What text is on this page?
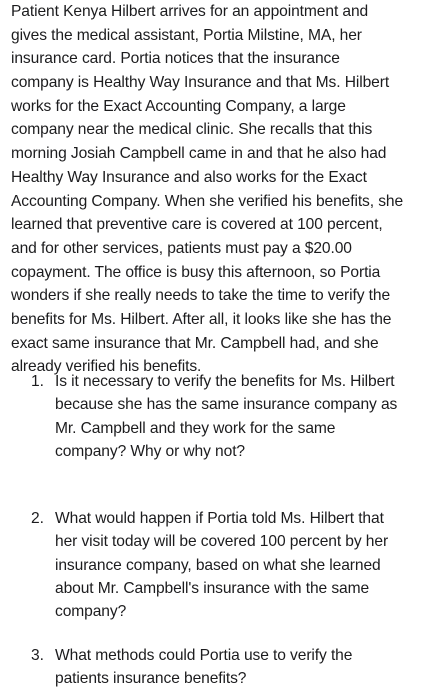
Patient Kenya Hilbert arrives for an appointment and
gives the medical assistant, Portia Milstine, MA, her
insurance card. Portia notices that the insurance
company is Healthy Way Insurance and that Ms. Hilbert
works for the Exact Accounting Company, a large
company near the medical clinic. She recalls that this
morning Josiah Campbell came in and that he also had
Healthy Way Insurance and also works for the Exact
Accounting Company. When she verified his benefits, she
learned that preventive care is covered at 100 percent,
and for other services, patients must pay a $20.00
copayment. The office is busy this afternoon, so Portia
wonders if she really needs to take the time to verify the
benefits for Ms. Hilbert. After all, it looks like she has the
exact same insurance that Mr. Campbell had, and she
already verified his benefits.

1. Is it necessary to verify the benefits for Ms. Hilbert
because she has the same insurance company as
Mr. Campbell and they work for the same
company? Why or why not?
2. What would happen if Portia told Ms. Hilbert that
her visit today will be covered 100 percent by her
insurance company, based on what she learned
about Mr. Campbell's insurance with the same
company?
3. What methods could Portia use to verify the
patients insurance benefits?
